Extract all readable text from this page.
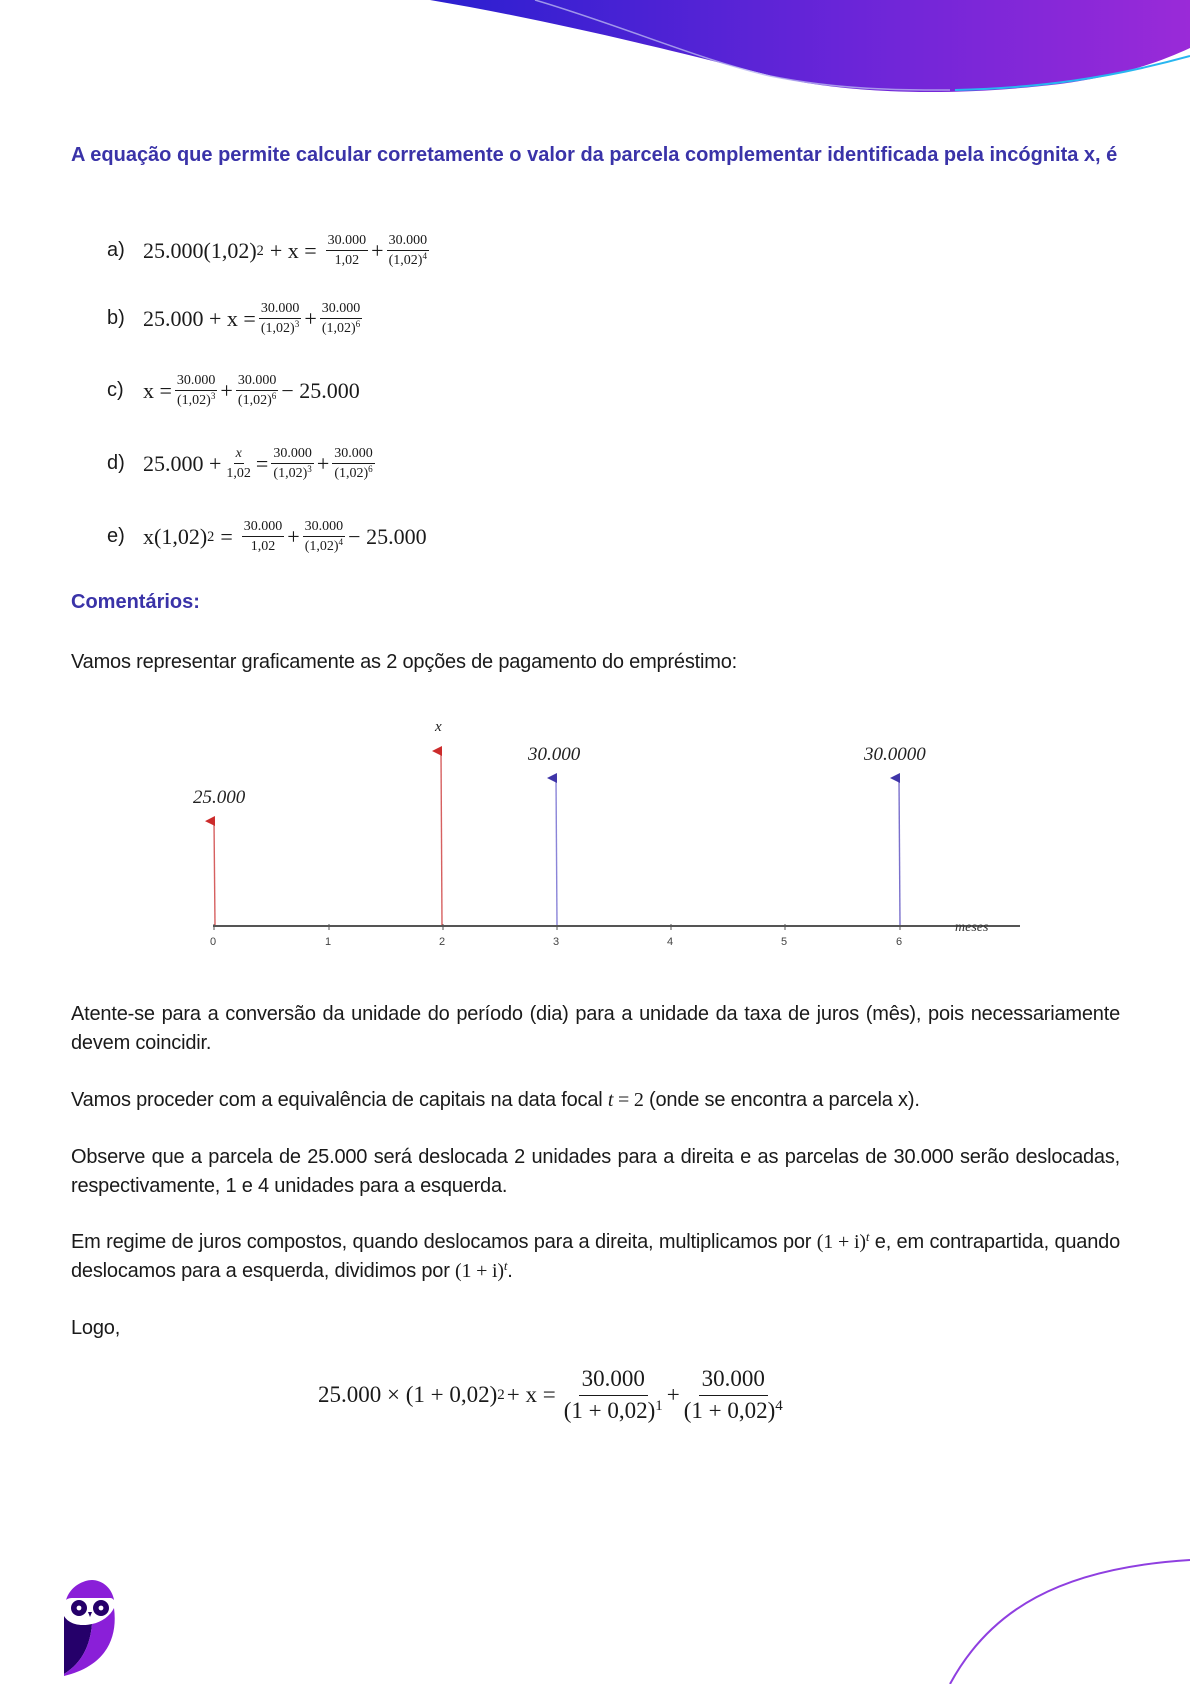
A equação que permite calcular corretamente o valor da parcela complementar identificada pela incógnita x, é
a) 25.000(1,02) $2 + x = \frac{30.000}{1,02} + \frac{30.000}{(1,02)^4}$
b) $25.000 + x = \frac{30.000}{(1,02)^3} + \frac{30.000}{(1,02)^6}$
c) $x = \frac{30.000}{(1,02)^3} + \frac{30.000}{(1,02)^6} - 25.000$
d) $25.000 + \frac{x}{1,02} = \frac{30.000}{(1,02)^3} + \frac{30.000}{(1,02)^6}$
e) x(1,02) $2 = \frac{30.000}{1,02} + \frac{30.000}{(1,02)^4} - 25.000$
Comentários:
Vamos representar graficamente as 2 opções de pagamento do empréstimo:
Atente-se para a conversão da unidade do período (dia) para a unidade da taxa de juros (mês), pois necessariamente devem coincidir.
Vamos proceder com a equivalência de capitais na data focal t = 2 (onde se encontra a parcela x).
Observe que a parcela de 25.000 será deslocada 2 unidades para a direita e as parcelas de 30.000 serão deslocadas, respectivamente, 1 e 4 unidades para a esquerda.
Em regime de juros compostos, quando deslocamos para a direita, multiplicamos por $(1 + i)^t$ e, em contrapartida, quando deslocamos para a esquerda, dividimos por $(1 + i)^t$.
Logo,
0	1	2	3	4	5	6
meses
25.000
x
30.000	30.0000
25.000 × (1 + 0,02) $2 + x = \frac{30.000}{(1 + 0,02)^1} + \frac{30.000}{(1 + 0,02)^4}$
